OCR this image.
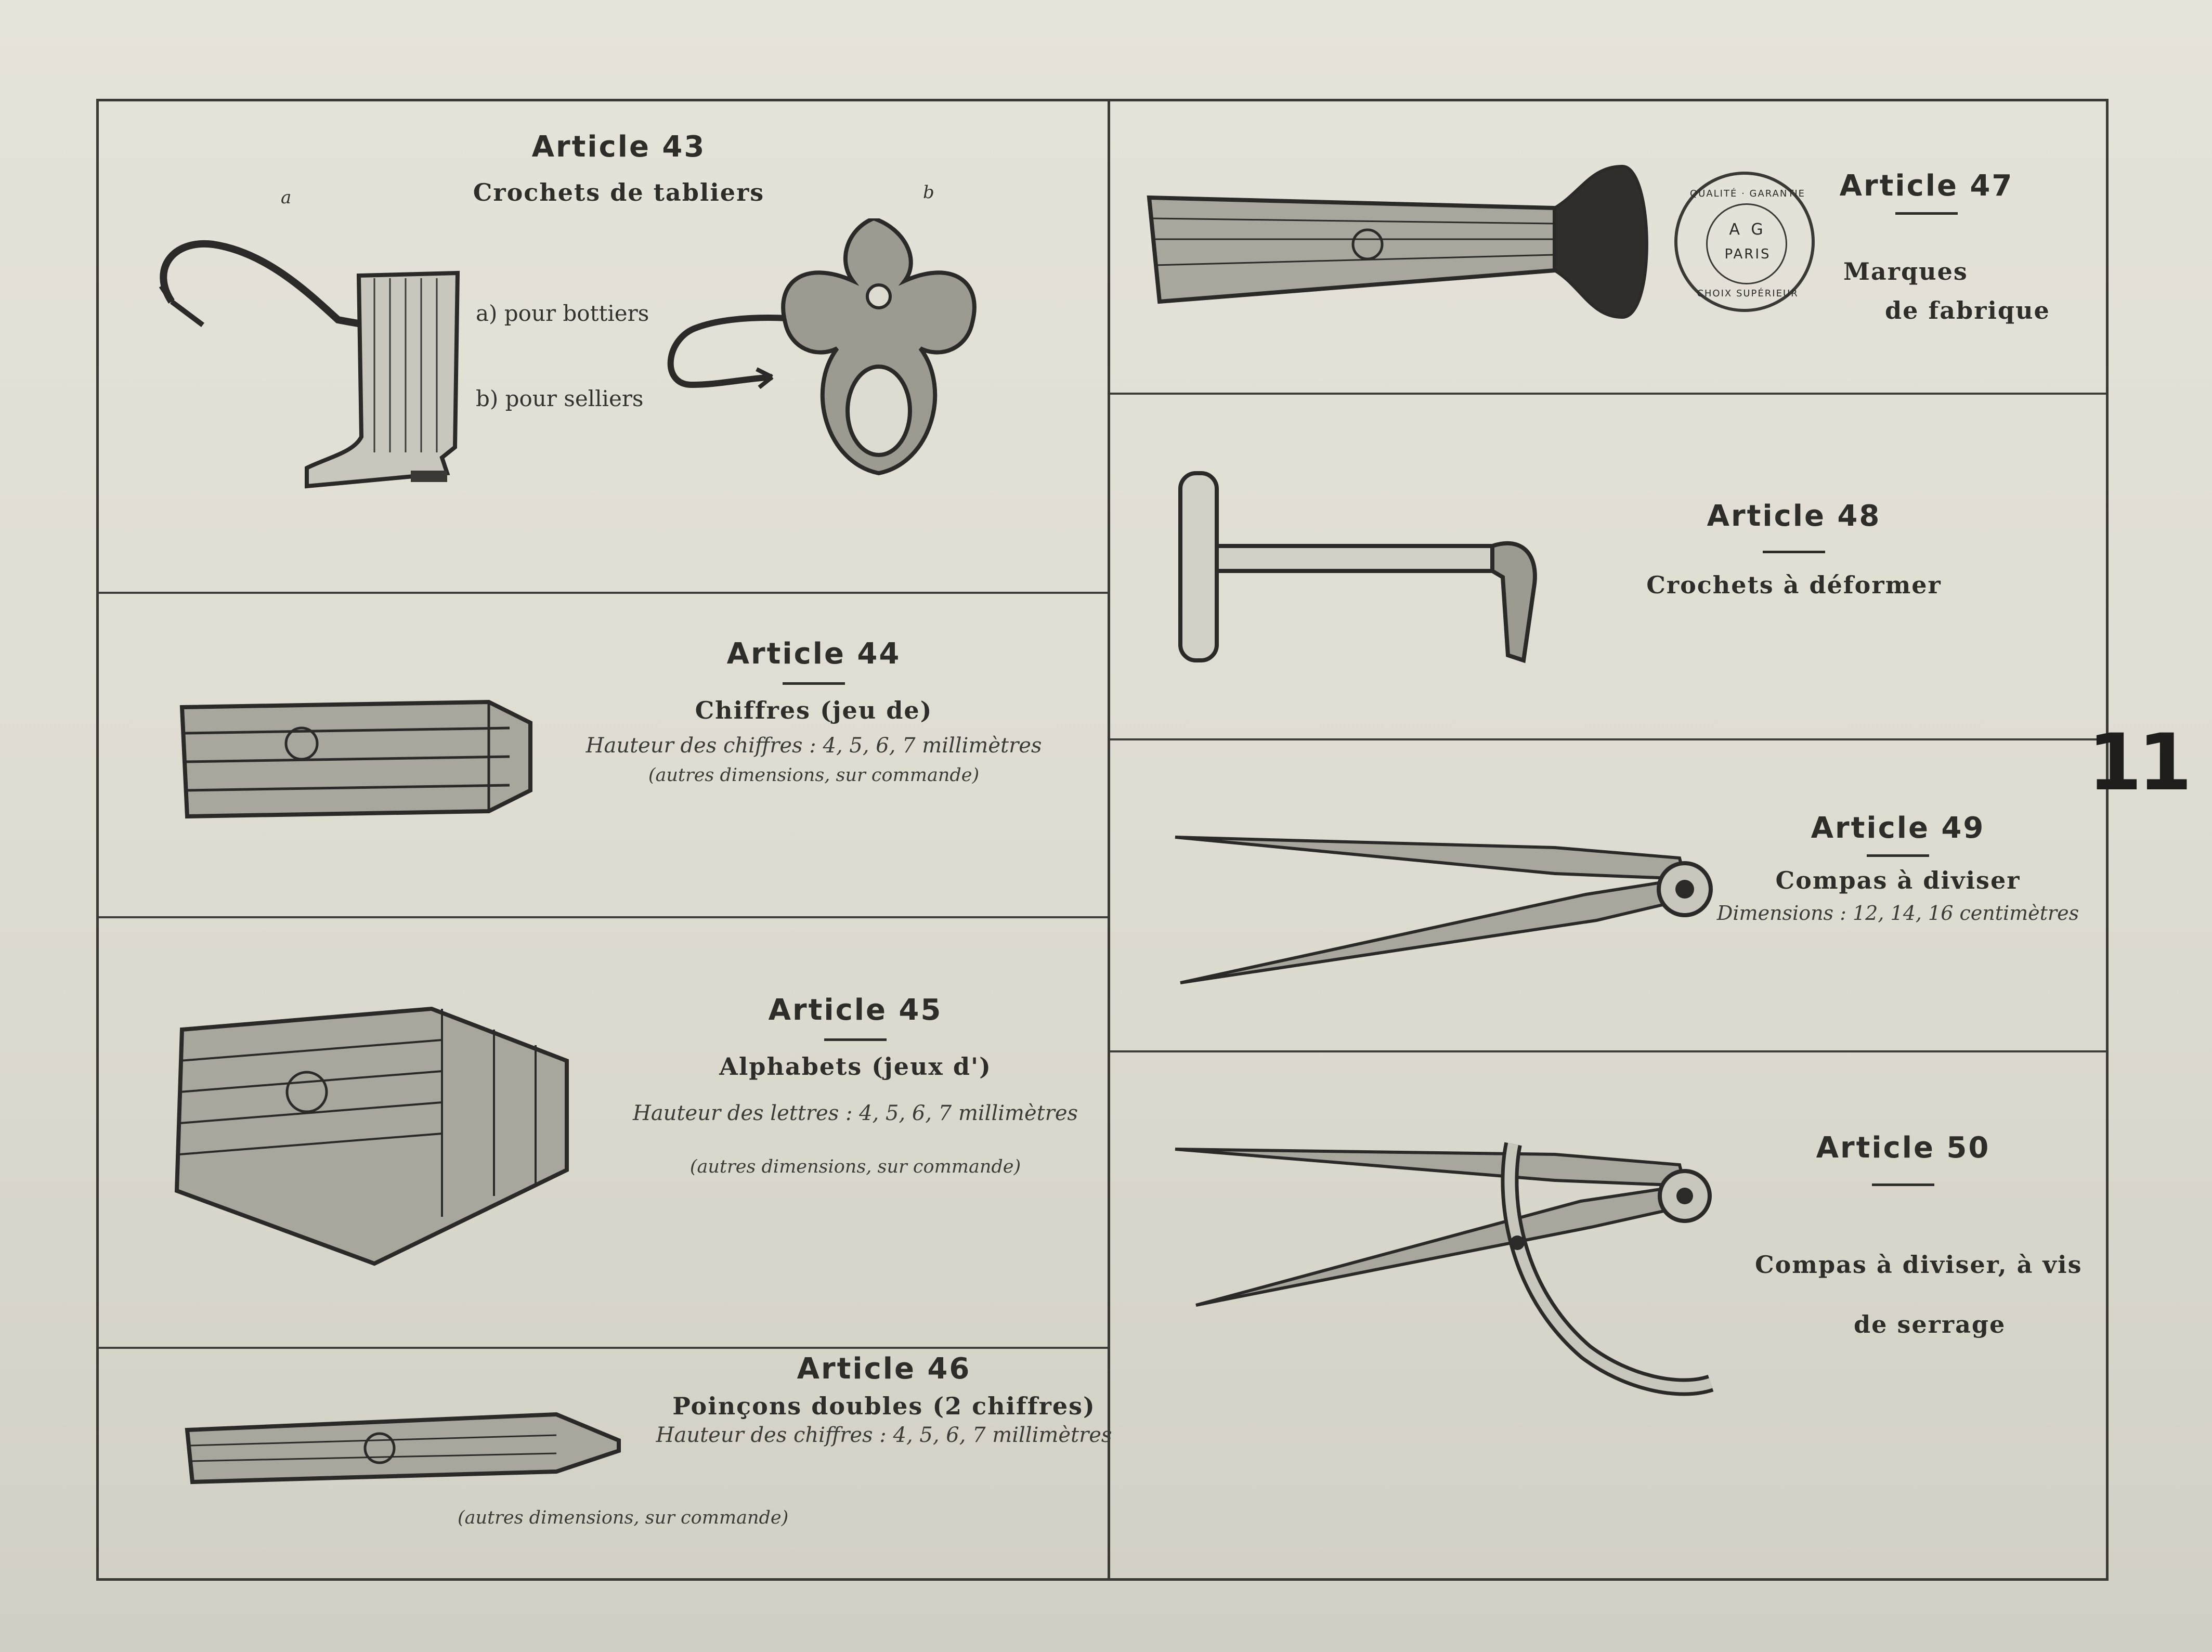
Article 43
Crochets de tabliers
a	b
a) pour bottiers
b) pour selliers
Article 44
Chiffres (jeu de)
Hauteur des chiffres : 4, 5, 6, 7 millimètres
(autres dimensions, sur commande)
Article 45
Alphabets (jeux d')
Hauteur des lettres : 4, 5, 6, 7 millimètres
(autres dimensions, sur commande)
Article 46
Poinçons doubles (2 chiffres)
Hauteur des chiffres : 4, 5, 6, 7 millimètres
(autres dimensions, sur commande)
Article 47
Marques
de fabrique
QUALITÉ · GARANTIE
A G
PARIS
CHOIX SUPÉRIEUR
Article 48
Crochets à déformer
Article 49
Compas à diviser
Dimensions : 12, 14, 16 centimètres
Article 50
Compas à diviser, à vis
de serrage
11
